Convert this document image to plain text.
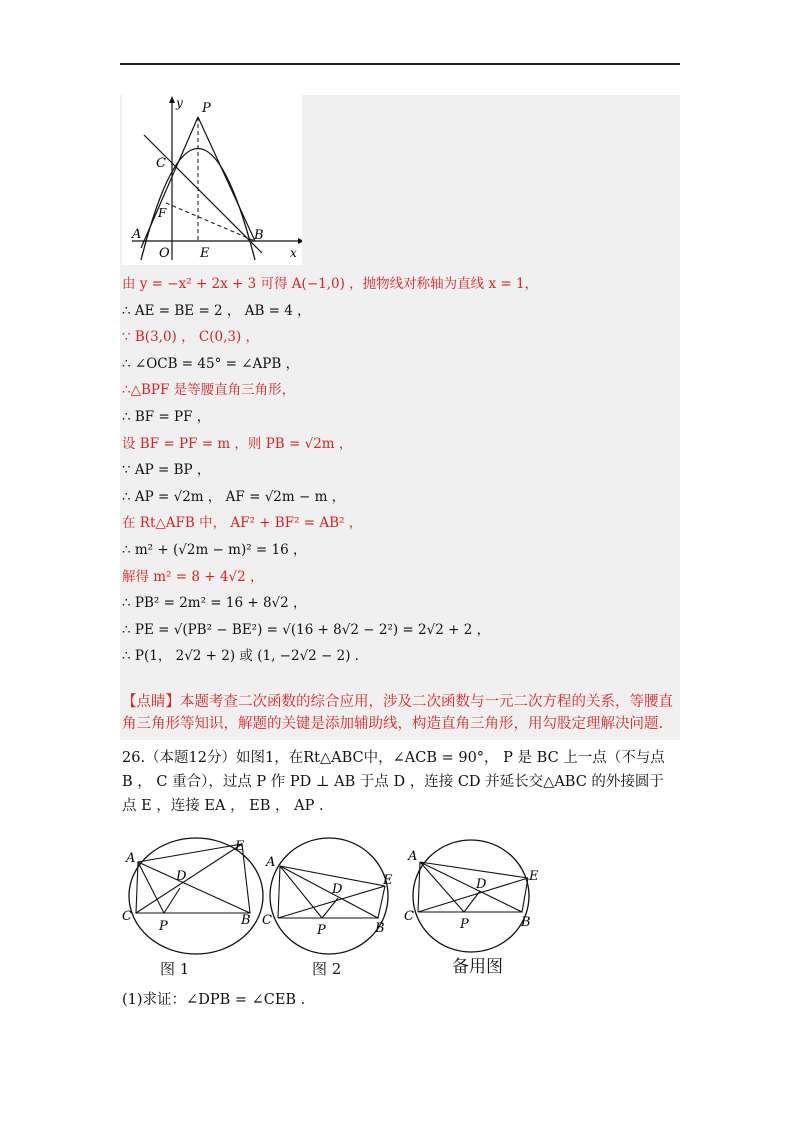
y P
C
F
A
O E
B
x
由 y = −x² + 2x + 3 可得 A(−1,0) ，抛物线对称轴为直线 x = 1，
∴ AE = BE = 2 ， AB = 4 ，
∵ B(3,0) ， C(0,3) ，
∴ ∠OCB = 45° = ∠APB ，
∴△BPF 是等腰直角三角形，
∴ BF = PF ，
设 BF = PF = m ，则 PB = √2m ，
∵ AP = BP ，
∴ AP = √2m ， AF = √2m − m ，
在 Rt△AFB 中， AF² + BF² = AB² ，
∴ m² + (√2m − m)² = 16 ，
解得 m² = 8 + 4√2 ，
∴ PB² = 2m² = 16 + 8√2 ，
∴ PE = √(PB² − BE²) = √(16 + 8√2 − 2²) = 2√2 + 2 ，
∴ P(1， 2√2 + 2) 或 (1, −2√2 − 2) ．
【点睛】本题考查二次函数的综合应用，涉及二次函数与一元二次方程的关系，等腰直角三角形等知识，解题的关键是添加辅助线，构造直角三角形，用勾股定理解决问题.
26.（本题12分）如图1，在Rt△ABC中，∠ACB = 90°， P 是 BC 上一点（不与点 B ， C 重合），过点 P 作 PD ⊥ AB 于点 D ，连接 CD 并延长交△ABC 的外接圆于点 E ，连接 EA ， EB ， AP .
A
E
D
C
P	B
A
D
E
C
P	B
A
D
E
C
P	B
图 1	图 2	备用图
(1)求证：∠DPB = ∠CEB .
